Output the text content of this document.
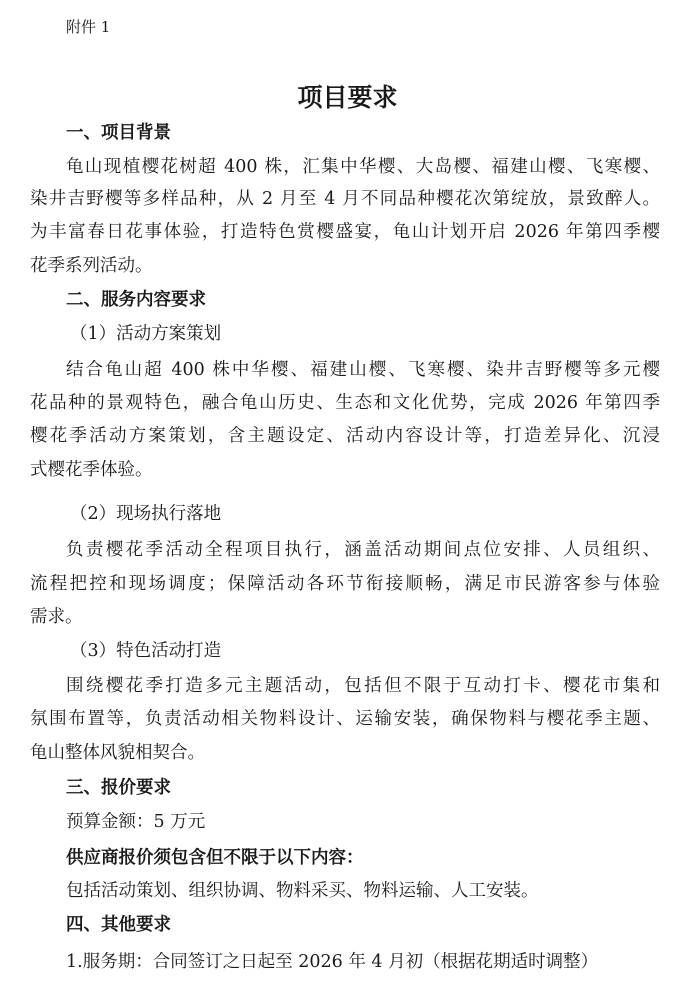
附件 1
项目要求
一、项目背景
龟山现植樱花树超 400 株，汇集中华樱、大岛樱、福建山樱、飞寒樱、
染井吉野樱等多样品种，从 2 月至 4 月不同品种樱花次第绽放，景致醉人。
为丰富春日花事体验，打造特色赏樱盛宴，龟山计划开启 2026 年第四季樱
花季系列活动。
二、服务内容要求
（1）活动方案策划
结合龟山超 400 株中华樱、福建山樱、飞寒樱、染井吉野樱等多元樱
花品种的景观特色，融合龟山历史、生态和文化优势，完成 2026 年第四季
樱花季活动方案策划，含主题设定、活动内容设计等，打造差异化、沉浸
式樱花季体验。
（2）现场执行落地
负责樱花季活动全程项目执行，涵盖活动期间点位安排、人员组织、
流程把控和现场调度；保障活动各环节衔接顺畅，满足市民游客参与体验
需求。
（3）特色活动打造
围绕樱花季打造多元主题活动，包括但不限于互动打卡、樱花市集和
氛围布置等，负责活动相关物料设计、运输安装，确保物料与樱花季主题、
龟山整体风貌相契合。
三、报价要求
预算金额：5 万元
供应商报价须包含但不限于以下内容：
包括活动策划、组织协调、物料采买、物料运输、人工安装。
四、其他要求
1.服务期：合同签订之日起至 2026 年 4 月初（根据花期适时调整）
